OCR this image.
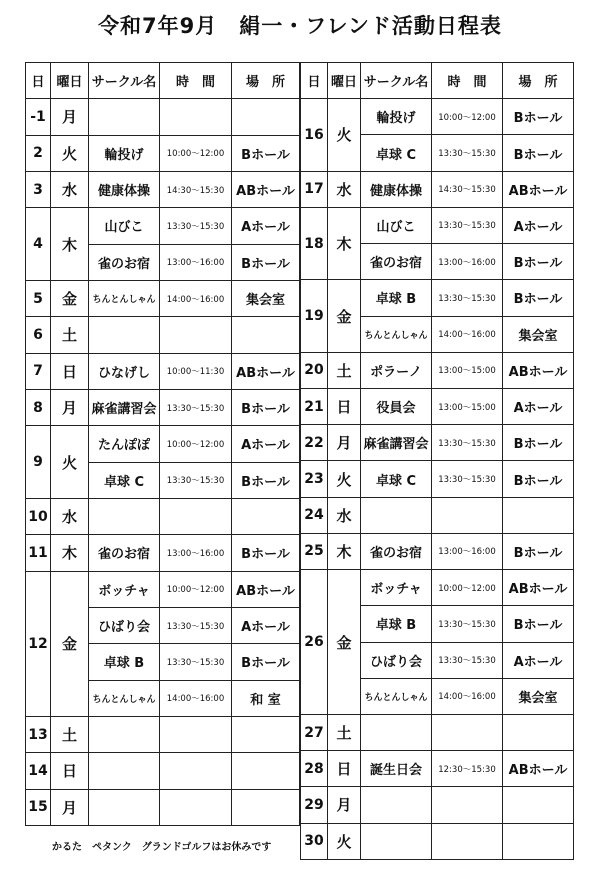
令和7年9月　絹一・フレンド活動日程表
日	曜日	サークル名	時　間	場　所
-1	月			
2	火	輪投げ	10:00～12:00	Bホール
3	水	健康体操	14:30～15:30	ABホール
4	木	山びこ	13:30～15:30	Aホール
		雀のお宿	13:00～16:00	Bホール
5	金	ちんとんしゃん	14:00～16:00	集会室
6	土			
7	日	ひなげし	10:00～11:30	ABホール
8	月	麻雀講習会	13:30～15:30	Bホール
9	火	たんぽぽ	10:00～12:00	Aホール
		卓球 C	13:30～15:30	Bホール
10	水			
11	木	雀のお宿	13:00～16:00	Bホール
12	金	ボッチャ	10:00～12:00	ABホール
		ひばり会	13:30～15:30	Aホール
		卓球 B	13:30～15:30	Bホール
		ちんとんしゃん	14:00～16:00	和 室
13	土			
14	日			
15	月			
日	曜日	サークル名	時　間	場　所
16	火	輪投げ	10:00～12:00	Bホール
		卓球 C	13:30～15:30	Bホール
17	水	健康体操	14:30～15:30	ABホール
18	木	山びこ	13:30～15:30	Aホール
		雀のお宿	13:00～16:00	Bホール
19	金	卓球 B	13:30～15:30	Bホール
		ちんとんしゃん	14:00～16:00	集会室
20	土	ポラーノ	13:00～15:00	ABホール
21	日	役員会	13:00～15:00	Aホール
22	月	麻雀講習会	13:30～15:30	Bホール
23	火	卓球 C	13:30～15:30	Bホール
24	水			
25	木	雀のお宿	13:00～16:00	Bホール
26	金	ボッチャ	10:00～12:00	ABホール
		卓球 B	13:30～15:30	Bホール
		ひばり会	13:30～15:30	Aホール
		ちんとんしゃん	14:00～16:00	集会室
27	土			
28	日	誕生日会	12:30～15:30	ABホール
29	月			
30	火			
かるた　ペタンク　グランドゴルフはお休みです
